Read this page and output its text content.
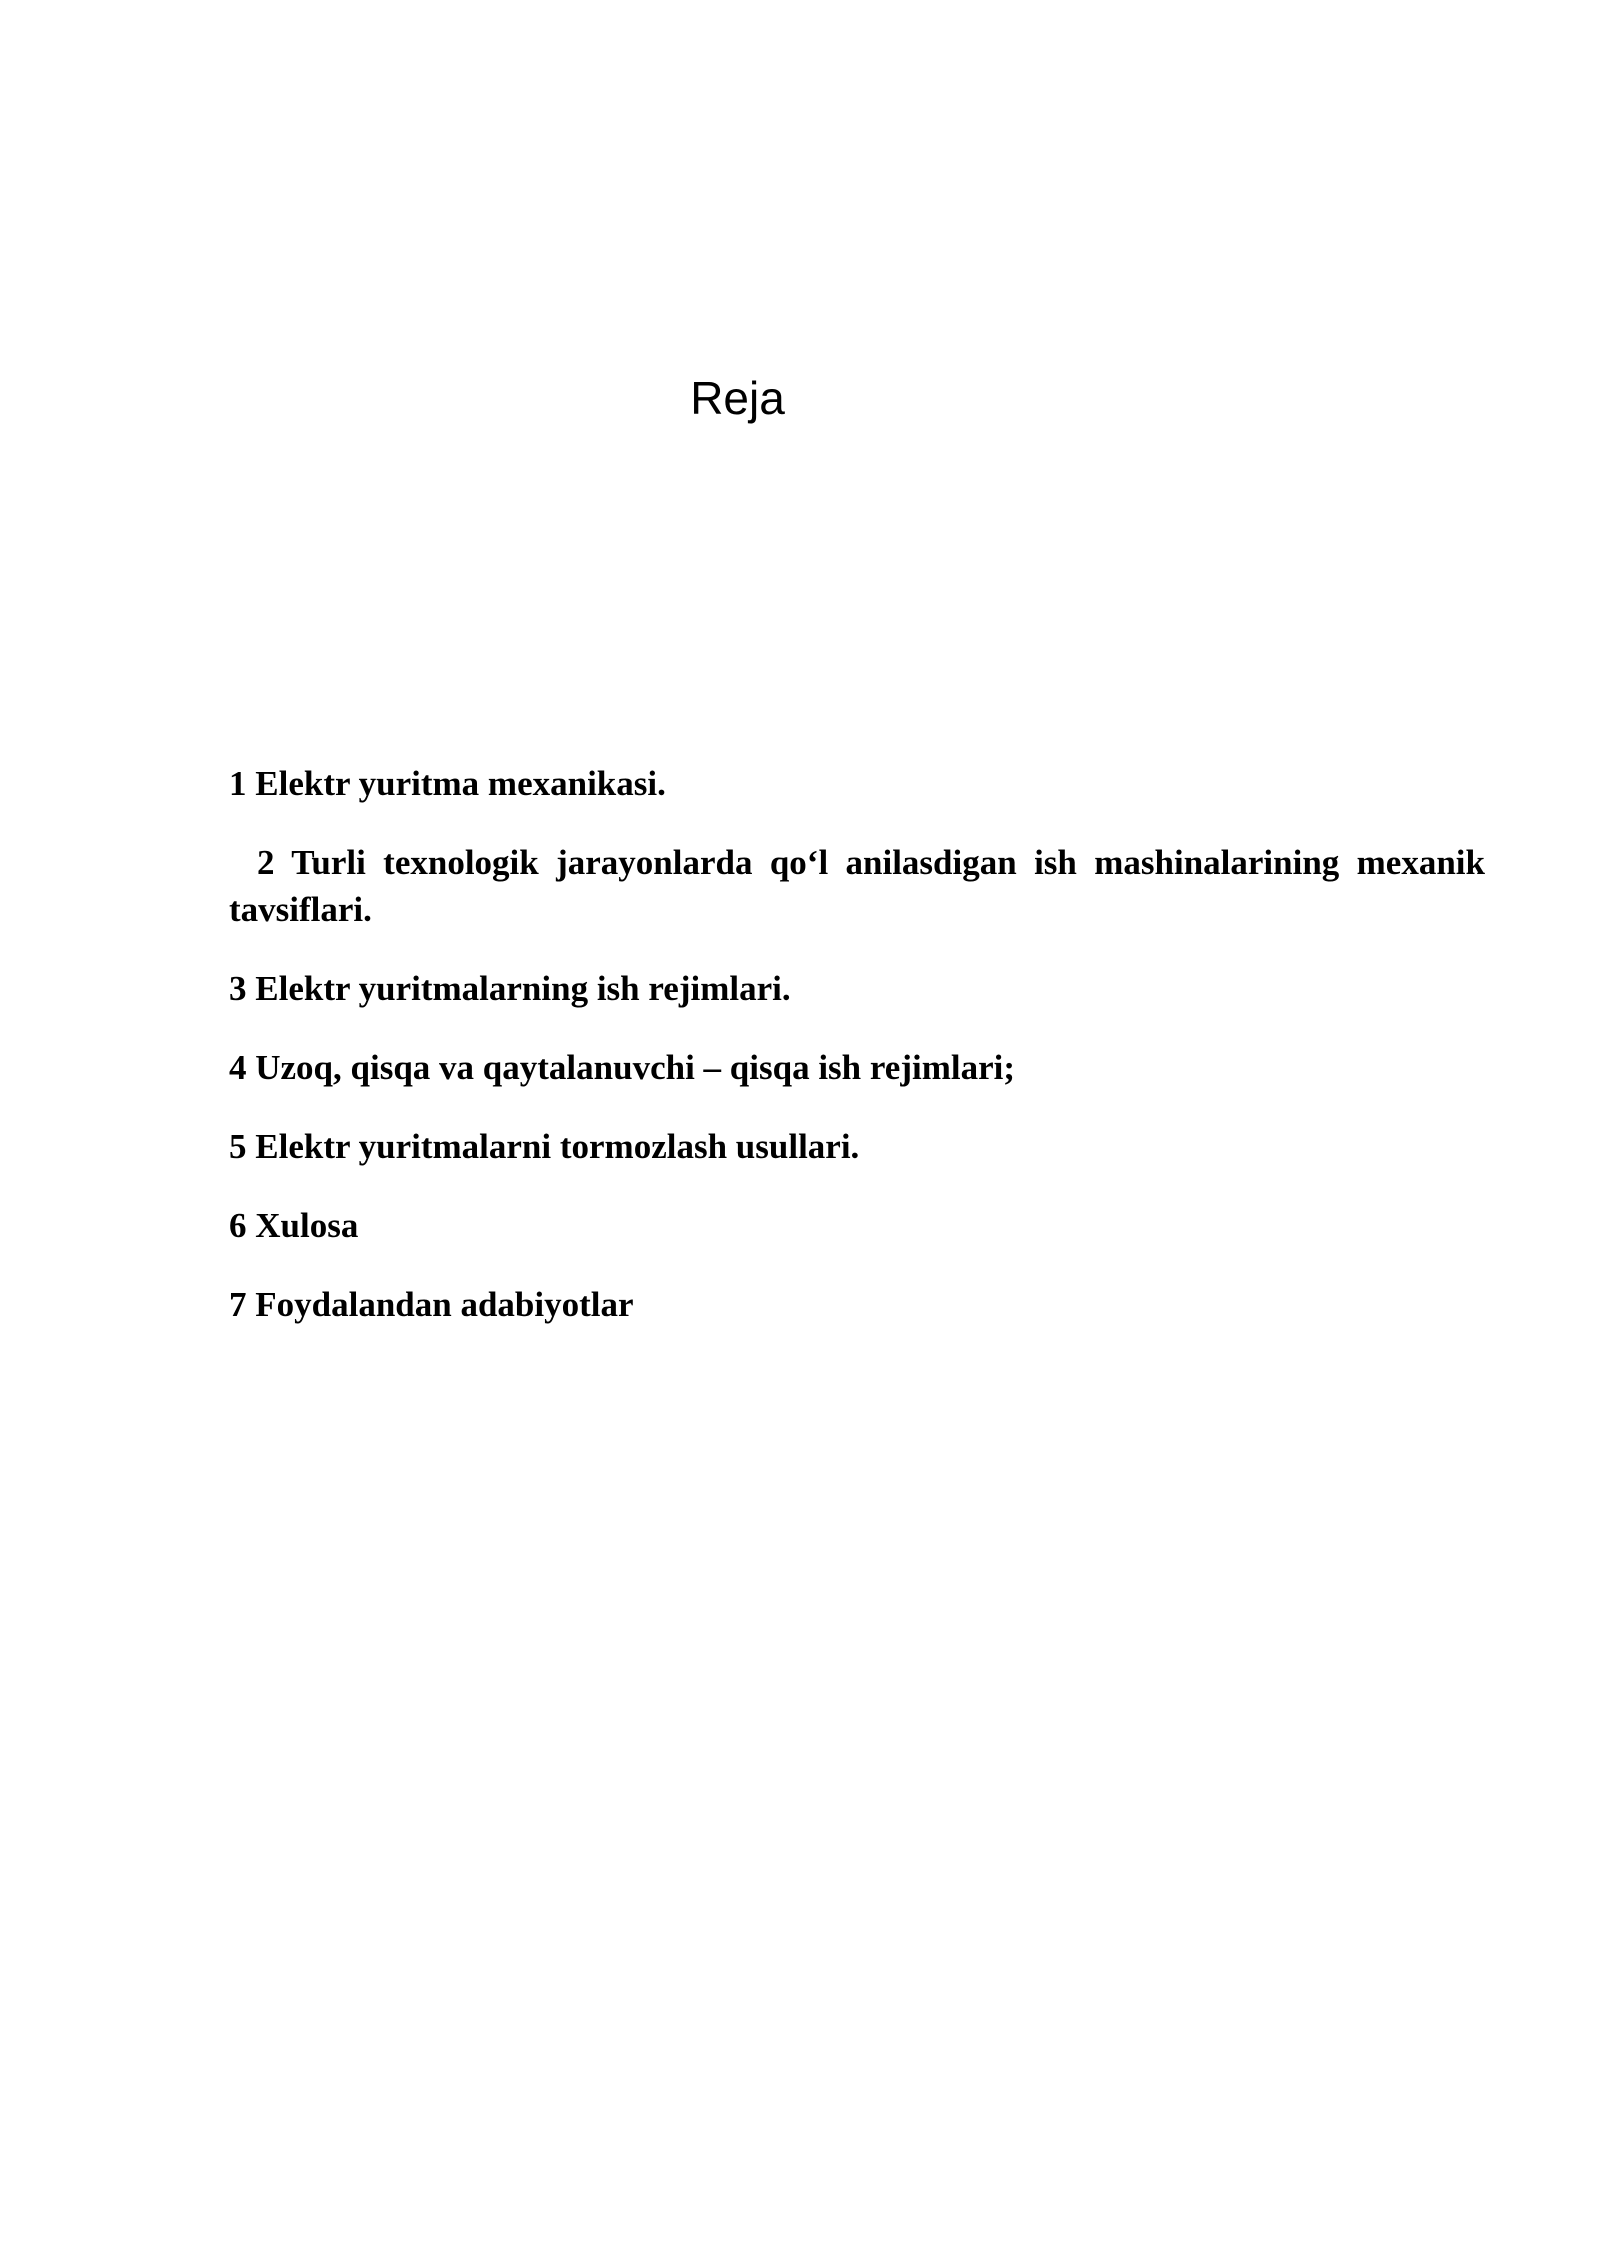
Reja

1 Elektr yuritma mexanikasi.

2 Turli texnologik jarayonlarda qo‘l anilasdigan ish mashinalarining mexanik tavsiflari.

3 Elektr yuritmalarning ish rejimlari.

4 Uzoq, qisqa va qaytalanuvchi – qisqa ish rejimlari;

5 Elektr yuritmalarni tormozlash usullari.

6 Xulosa

7 Foydalandan adabiyotlar
